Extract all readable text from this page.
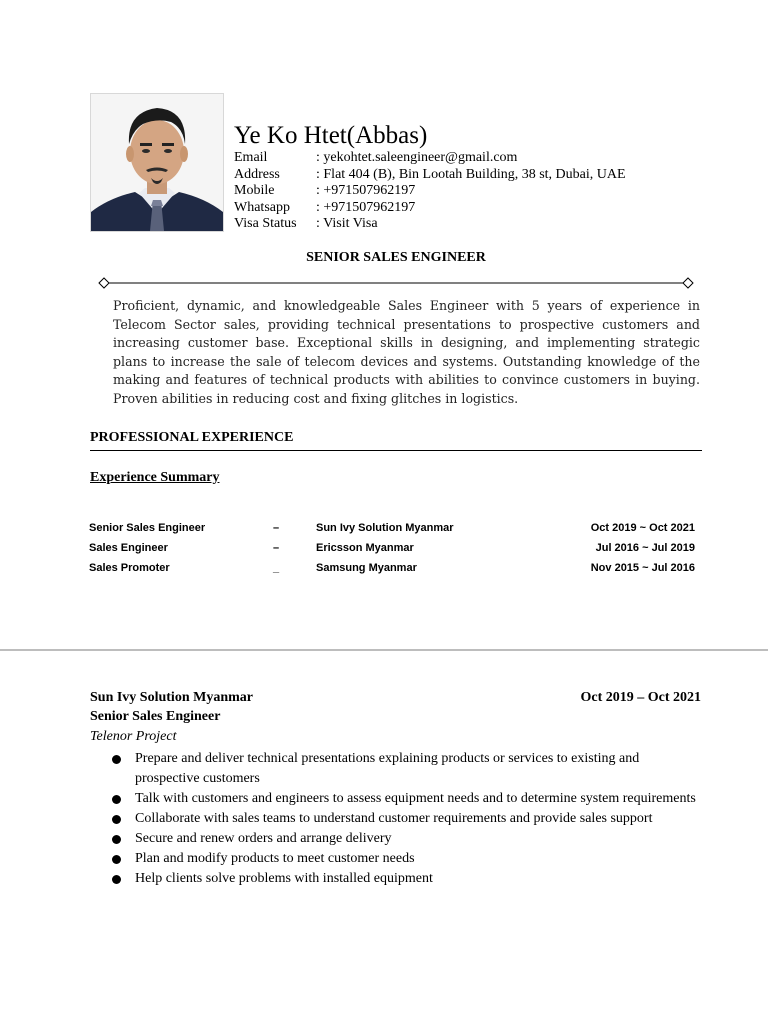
Ye Ko Htet(Abbas)
Email	: yekohtet.saleengineer@gmail.com
Address	: Flat 404 (B), Bin Lootah Building, 38 st, Dubai, UAE
Mobile	: +971507962197
Whatsapp	: +971507962197
Visa Status	: Visit Visa
SENIOR SALES ENGINEER
Proficient, dynamic, and knowledgeable Sales Engineer with 5 years of experience in Telecom Sector sales, providing technical presentations to prospective customers and increasing customer base. Exceptional skills in designing, and implementing strategic plans to increase the sale of telecom devices and systems. Outstanding knowledge of the making and features of technical products with abilities to convince customers in buying. Proven abilities in reducing cost and fixing glitches in logistics.
PROFESSIONAL EXPERIENCE
Experience Summary
Senior Sales Engineer	–	Sun Ivy Solution Myanmar	Oct 2019 ~ Oct 2021
Sales Engineer	–	Ericsson Myanmar	Jul 2016 ~ Jul 2019
Sales Promoter	_	Samsung Myanmar	Nov 2015 ~ Jul 2016
Sun Ivy Solution Myanmar	Oct 2019 – Oct 2021
Senior Sales Engineer
Telenor Project
Prepare and deliver technical presentations explaining products or services to existing and prospective customers
Talk with customers and engineers to assess equipment needs and to determine system requirements
Collaborate with sales teams to understand customer requirements and provide sales support
Secure and renew orders and arrange delivery
Plan and modify products to meet customer needs
Help clients solve problems with installed equipment
